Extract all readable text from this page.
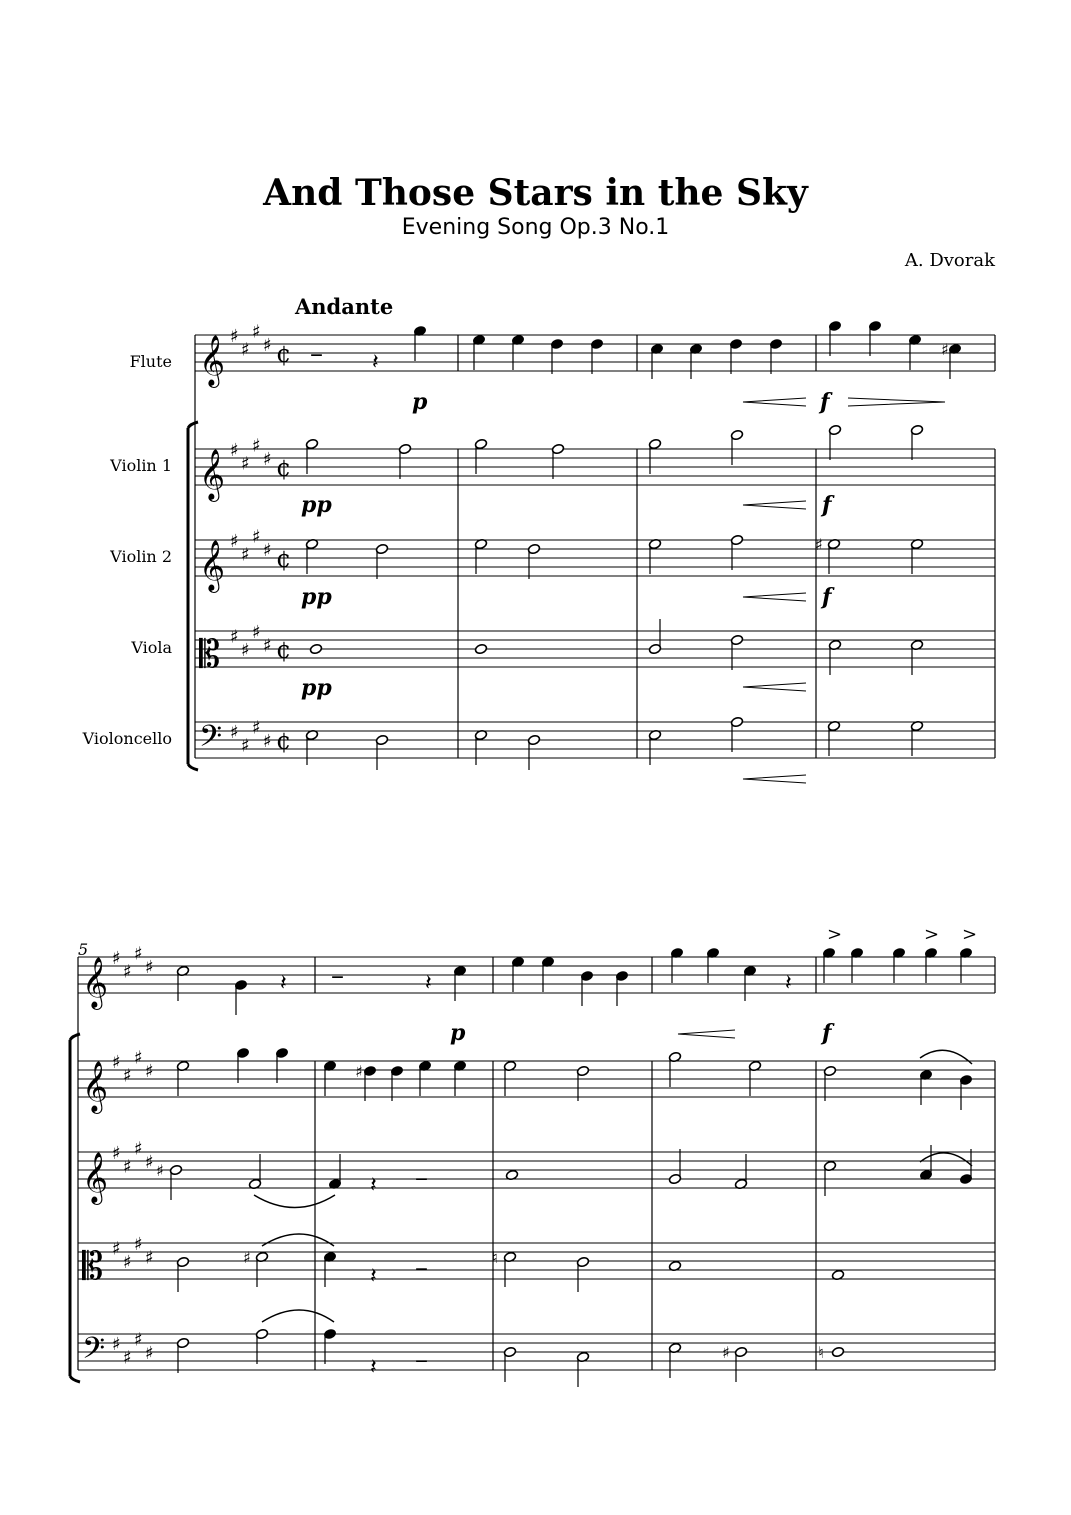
And Those Stars in the Sky
Evening Song Op.3 No.1
A. Dvorak
Andante
Flute
Violin 1
Violin 2
Viola
Violoncello
5
𝄞 ♯
♯
♯
♯ ¢
𝄞 ♯
♯
♯
♯ ¢
𝄞 ♯
♯
♯
♯ ¢
𝄡 ♯
♯
♯
♯ ¢
𝄢 ♯
♯
♯
♯ ¢
– 𝄽
♯
p	f
pp	f
♯
pp	f
pp
𝄞 ♯
♯
♯
♯
𝄞 ♯
♯
♯
♯
𝄞 ♯
♯
♯
♯
𝄡 ♯
♯
♯
♯
𝄢 ♯
♯
♯
♯
𝄽 –	𝄽	𝄽
>	> >
p	f
♯
♯
𝄽 –
♯
𝄽 –	♮
𝄽 –	♯	♮
